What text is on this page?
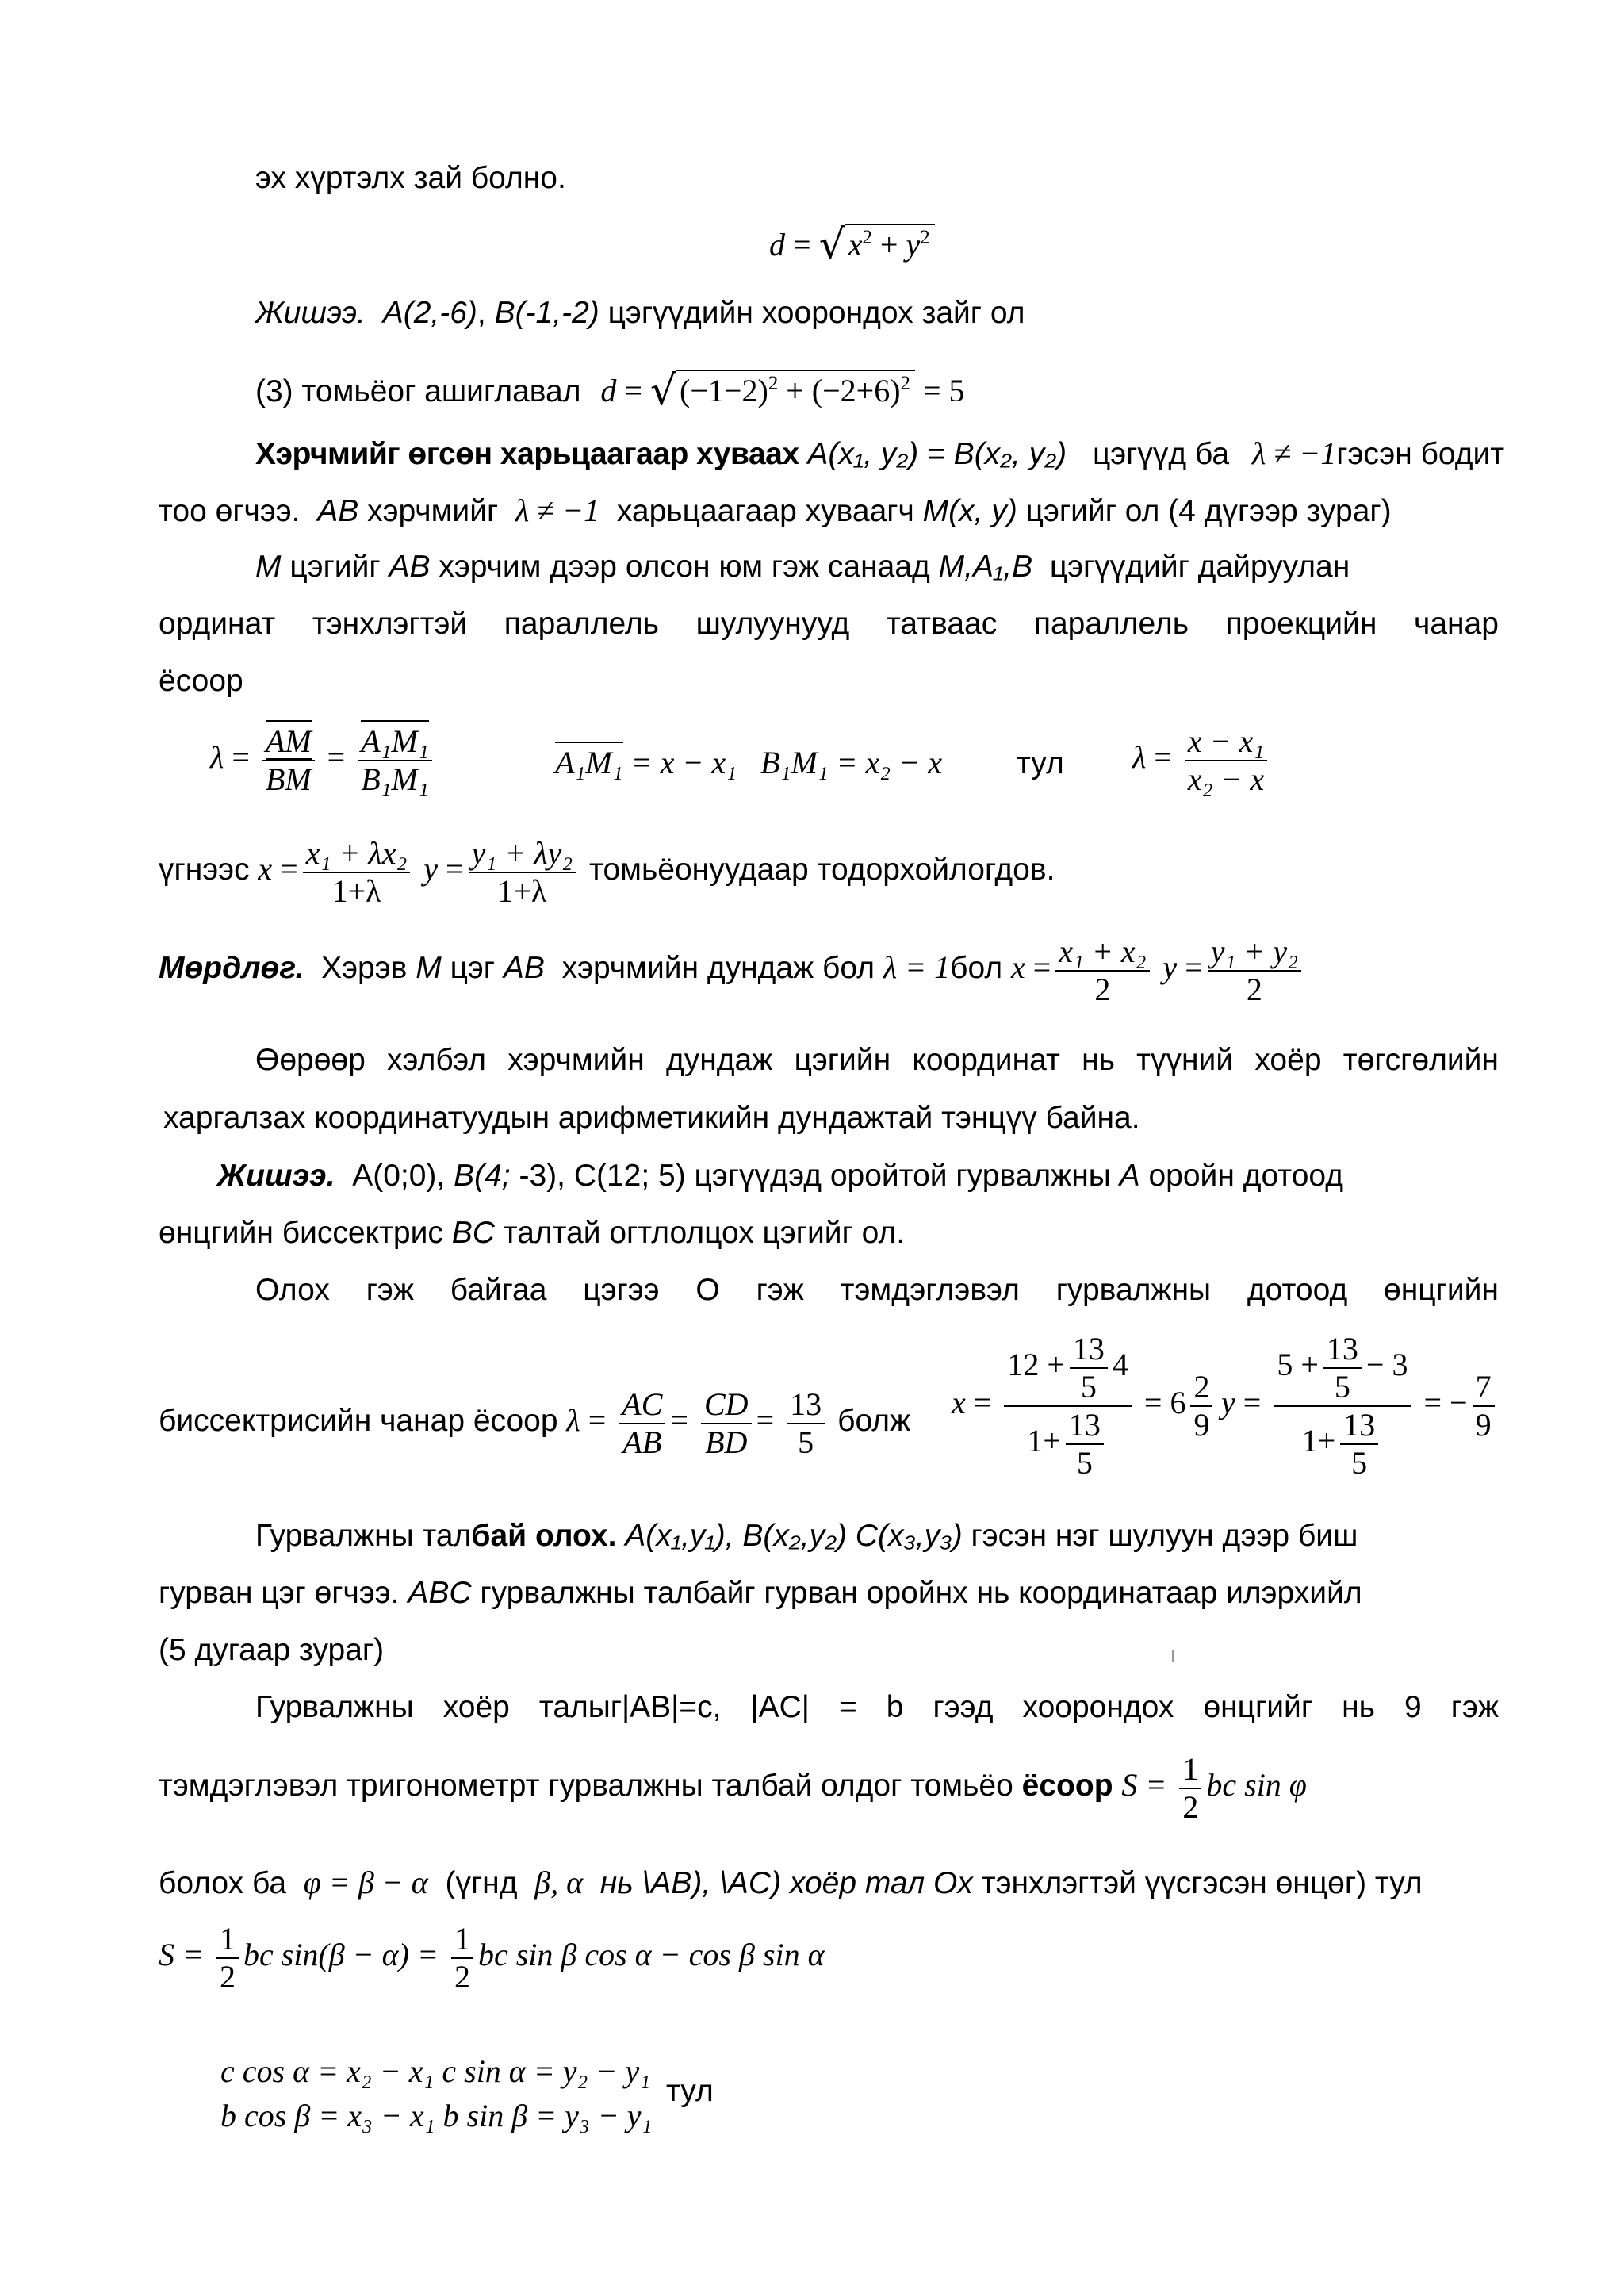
эх хүртэлх зай болно.
d = √ $x^2 + y^2$
Жишээ. A(2,-6), B(-1,-2) цэгүүдийн хоорондох зайг ол
(3) томьёог ашиглавал d = √ $(-1-2)^2 + (-2+6)^2 = 5$
Хэрчмийг өгсөн харьцаагаар хуваах A(x₁, y₂) = B(x₂, y₂) цэгүүд ба λ ≠ −1гэсэн бодит
тоо өгчээ. AB хэрчмийг λ ≠ −1 харьцаагаар хуваагч M(x, y) цэгийг ол (4 дүгээр зураг)
M цэгийг AB хэрчим дээр олсон юм гэж санаад M,A₁,B цэгүүдийг дайруулан
ординат тэнхлэгтэй параллель шулуунууд татваас параллель проекцийн чанар
ёсоор
$\lambda = \frac{AM}{BM} = \frac{\text{A₁M₁}}{\text{B₁M₁}}$	A₁M₁ = x − x₁ B₁M₁ = x₂ − x тул $\lambda = \frac{\text{x − x₁}}{\text{x₂ − x}}$
үгнээс $x = \frac{\text{x₁ + λx₂}}{1+\lambda}$ $y = \frac{\text{y₁ + λy₂}}{1+\lambda}$ томьёонуудаар тодорхойлогдов.
Мөрдлөг. Хэрэв M цэг AB хэрчмийн дундаж бол λ = 1бол $x = \frac{\text{x₁ + x₂}}{2}$ $y = \frac{\text{y₁ + y₂}}{2}$
Өөрөөр хэлбэл хэрчмийн дундаж цэгийн координат нь түүний хоёр төгсгөлийн
харгалзах координатуудын арифметикийн дундажтай тэнцүү байна.
Жишээ. A(0;0), B(4; -3), C(12; 5) цэгүүдэд оройтой гурвалжны A оройн дотоод
өнцгийн биссектрис BC талтай огтлолцох цэгийг ол.
Олох гэж байгаа цэгээ O гэж тэмдэглэвэл гурвалжны дотоод өнцгийн
биссектрисийн чанар ёсоор $\lambda = \frac{AC}{AB} = \frac{CD}{BD} = \frac{13}{5}$ болж
$x = \frac{12 + \frac{13}{5} 4}{1+ \frac{13}{5}} = 6 \frac{2}{9}$ $y = \frac{5 + \frac{13}{5} - 3}{1+ \frac{13}{5}}$ = − $\frac{7}{9}$
Гурвалжны талбай олох. A(x₁,y₁), B(x₂,y₂) C(x₃,y₃) гэсэн нэг шулуун дээр биш
гурван цэг өгчээ. ABC гурвалжны талбайг гурван оройнх нь координатаар илэрхийл
(5 дугаар зураг)
Гурвалжны хоёр талыг|AB|=c, |AC| = b гээд хоорондох өнцгийг нь 9 гэж
тэмдэглэвэл тригонометрт гурвалжны талбай олдог томьёо ёсоор $S = \frac{1}{2}$ bc sin φ
болох ба φ = β − α (үгнд β, α нь \AB), \AC) хоёр тал Ox тэнхлэгтэй үүсгэсэн өнцөг) тул
$S = \frac{1}{2}$ bc $\sin(\beta - \alpha) = \frac{1}{2}$ bc sin β cos α − cos β sin α
c cos α = x₂ − x₁ c sin α = y₂ − y₁
b cos β = x₃ − x₁ b sin β = y₃ − y₁
тул
